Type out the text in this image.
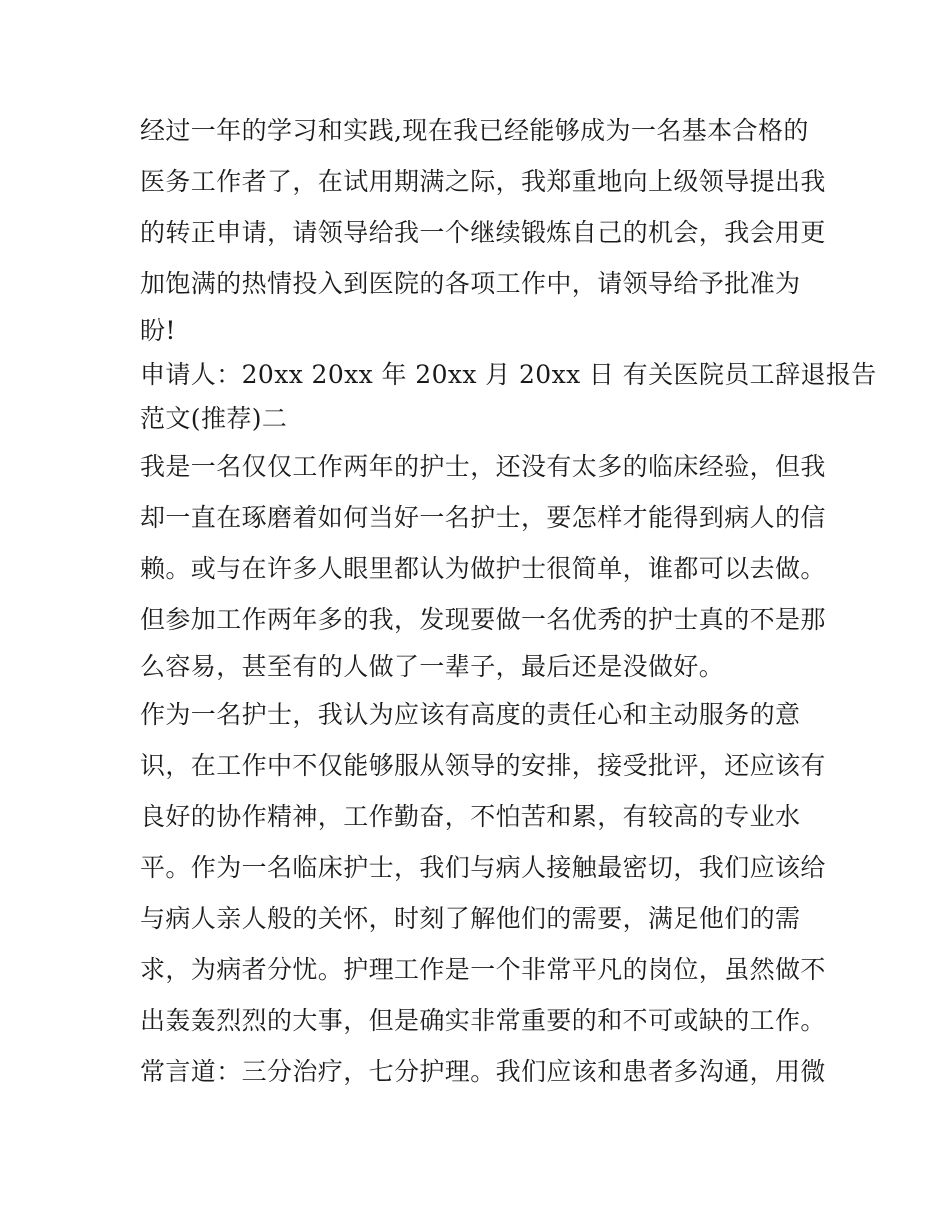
经过一年的学习和实践,现在我已经能够成为一名基本合格的
医务工作者了，在试用期满之际，我郑重地向上级领导提出我
的转正申请，请领导给我一个继续锻炼自己的机会，我会用更
加饱满的热情投入到医院的各项工作中，请领导给予批准为
盼!
申请人：20xx 20xx 年 20xx 月 20xx 日 有关医院员工辞退报告
范文(推荐)二
我是一名仅仅工作两年的护士，还没有太多的临床经验，但我
却一直在琢磨着如何当好一名护士，要怎样才能得到病人的信
赖。或与在许多人眼里都认为做护士很简单，谁都可以去做。
但参加工作两年多的我，发现要做一名优秀的护士真的不是那
么容易，甚至有的人做了一辈子，最后还是没做好。
作为一名护士，我认为应该有高度的责任心和主动服务的意
识，在工作中不仅能够服从领导的安排，接受批评，还应该有
良好的协作精神，工作勤奋，不怕苦和累，有较高的专业水
平。作为一名临床护士，我们与病人接触最密切，我们应该给
与病人亲人般的关怀，时刻了解他们的需要，满足他们的需
求，为病者分忧。护理工作是一个非常平凡的岗位，虽然做不
出轰轰烈烈的大事，但是确实非常重要的和不可或缺的工作。
常言道：三分治疗，七分护理。我们应该和患者多沟通，用微
